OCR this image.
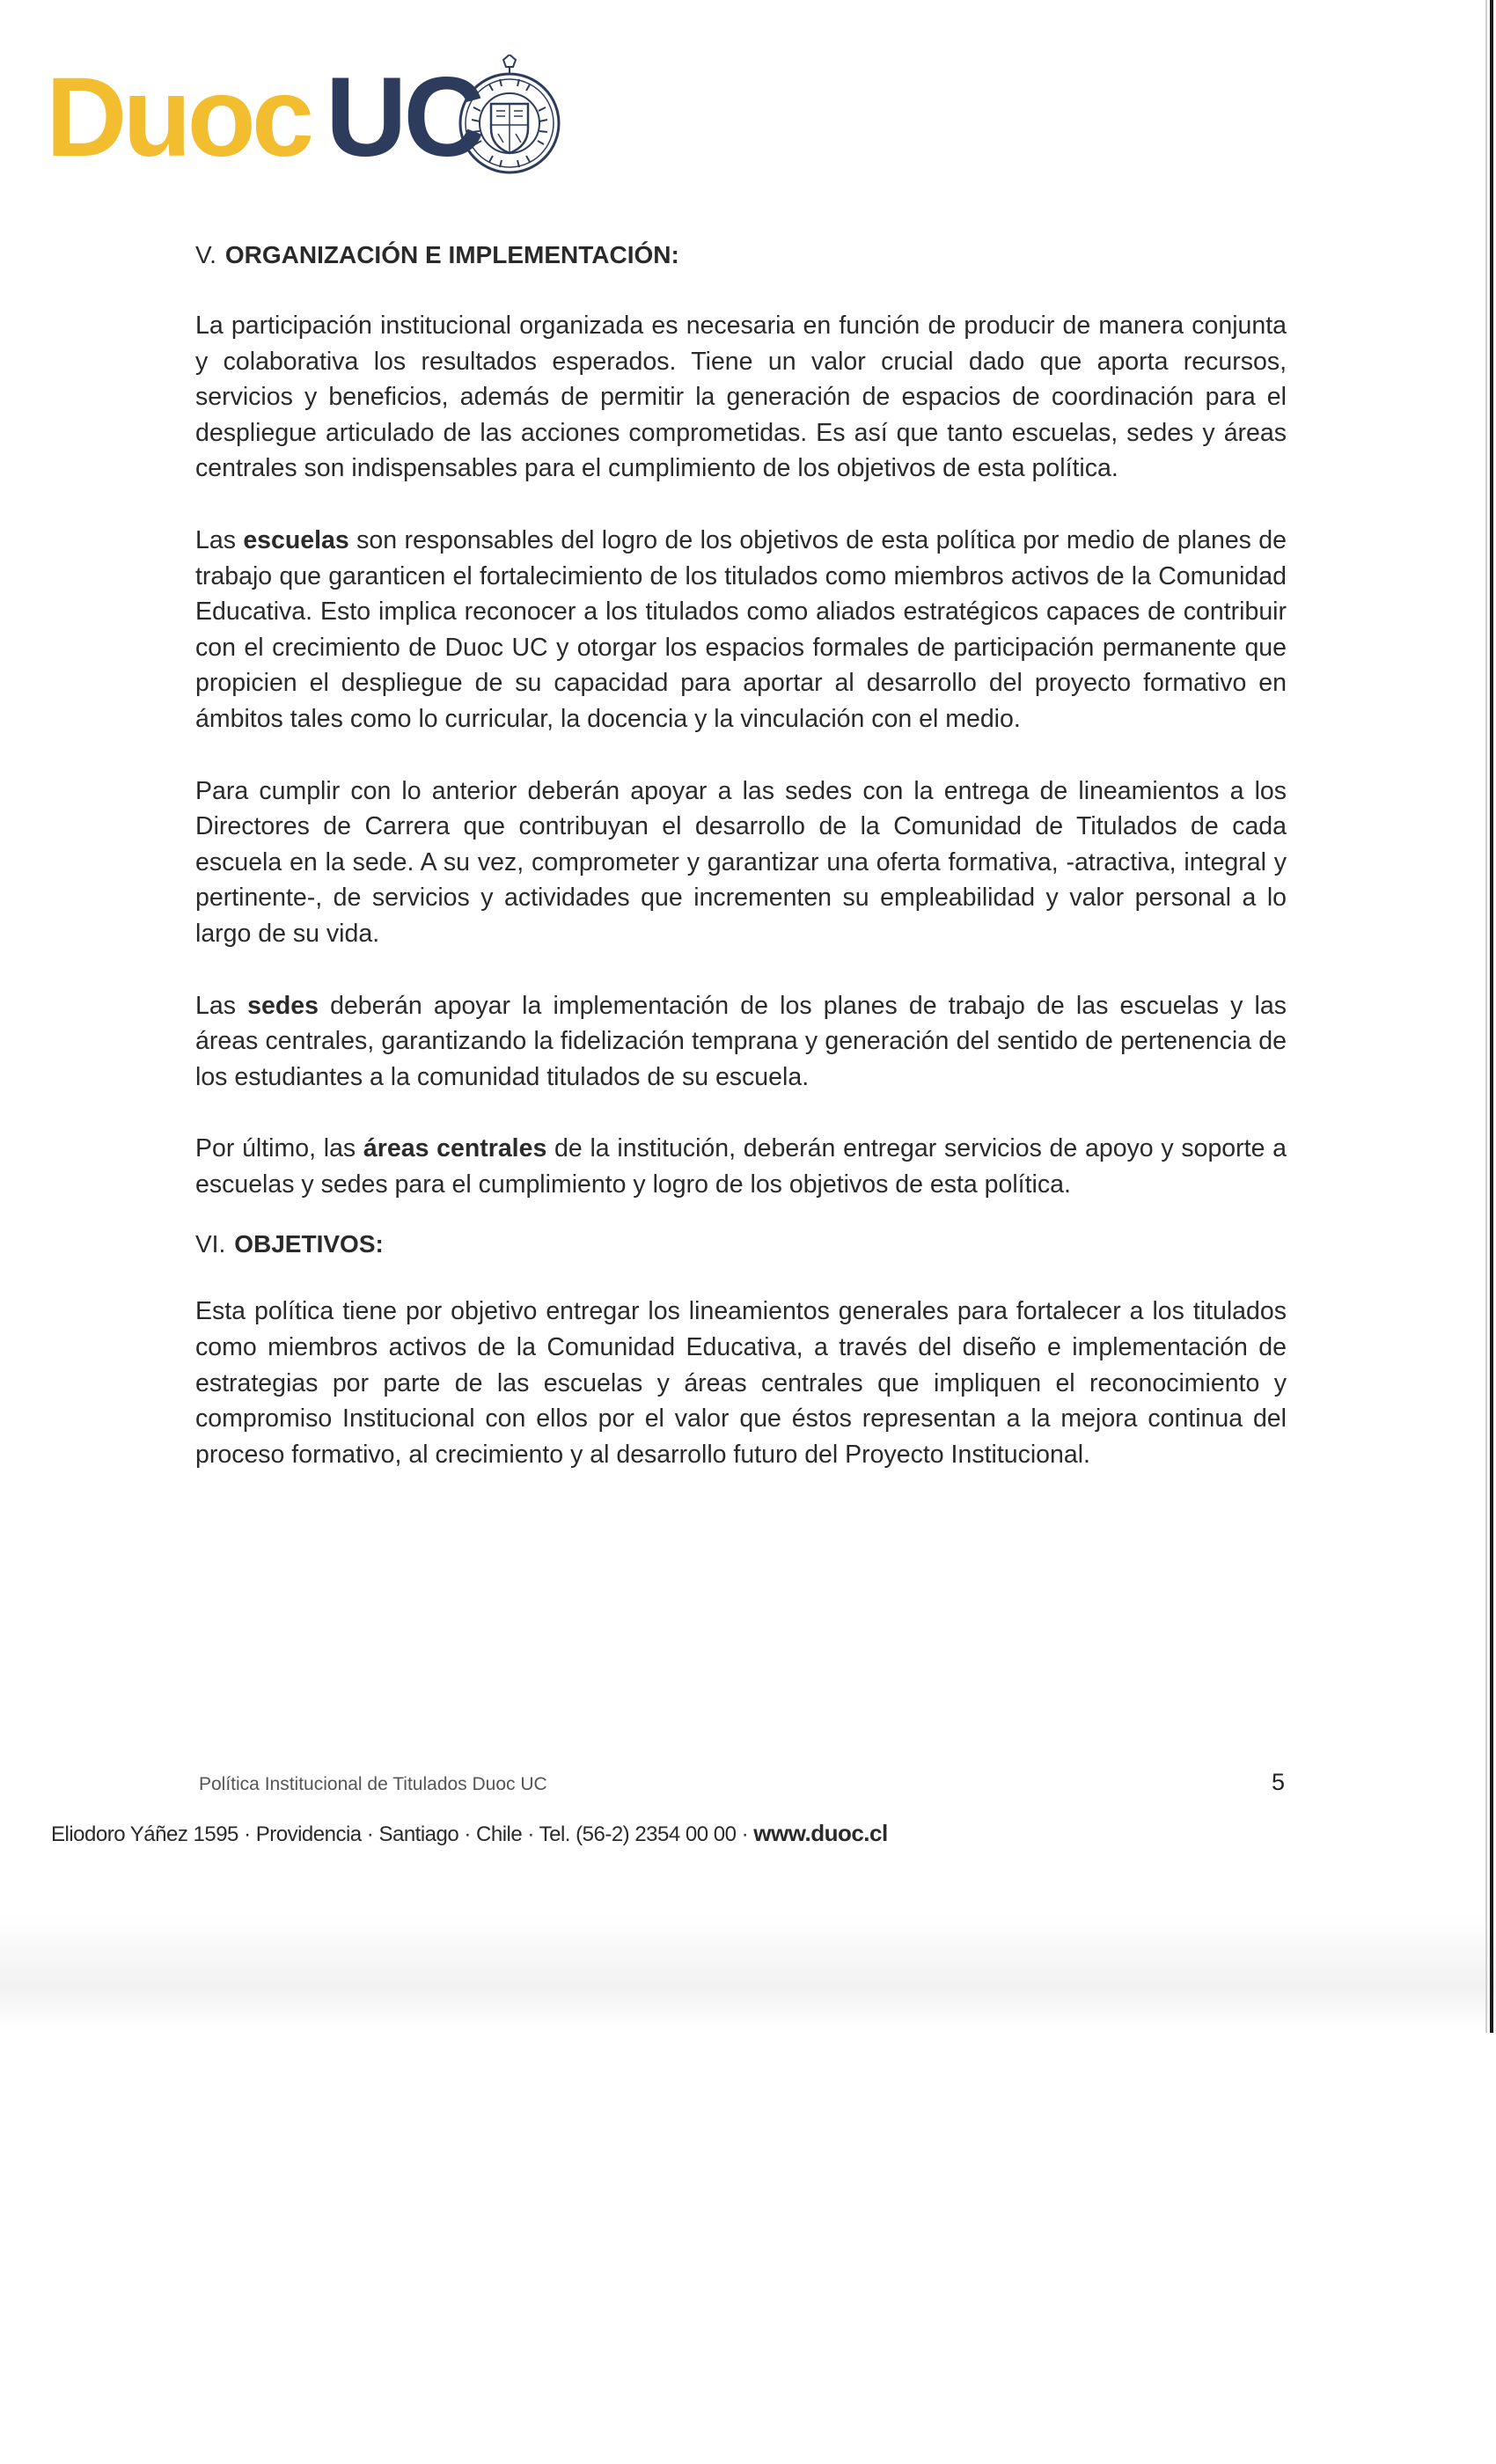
Duoc UC
V. ORGANIZACIÓN E IMPLEMENTACIÓN:

La participación institucional organizada es necesaria en función de producir de manera conjunta y colaborativa los resultados esperados. Tiene un valor crucial dado que aporta recursos, servicios y beneficios, además de permitir la generación de espacios de coordinación para el despliegue articulado de las acciones comprometidas. Es así que tanto escuelas, sedes y áreas centrales son indispensables para el cumplimiento de los objetivos de esta política.

Las escuelas son responsables del logro de los objetivos de esta política por medio de planes de trabajo que garanticen el fortalecimiento de los titulados como miembros activos de la Comunidad Educativa. Esto implica reconocer a los titulados como aliados estratégicos capaces de contribuir con el crecimiento de Duoc UC y otorgar los espacios formales de participación permanente que propicien el despliegue de su capacidad para aportar al desarrollo del proyecto formativo en ámbitos tales como lo curricular, la docencia y la vinculación con el medio.

Para cumplir con lo anterior deberán apoyar a las sedes con la entrega de lineamientos a los Directores de Carrera que contribuyan el desarrollo de la Comunidad de Titulados de cada escuela en la sede. A su vez, comprometer y garantizar una oferta formativa, -atractiva, integral y pertinente-, de servicios y actividades que incrementen su empleabilidad y valor personal a lo largo de su vida.

Las sedes deberán apoyar la implementación de los planes de trabajo de las escuelas y las áreas centrales, garantizando la fidelización temprana y generación del sentido de pertenencia de los estudiantes a la comunidad titulados de su escuela.

Por último, las áreas centrales de la institución, deberán entregar servicios de apoyo y soporte a escuelas y sedes para el cumplimiento y logro de los objetivos de esta política.

VI. OBJETIVOS:

Esta política tiene por objetivo entregar los lineamientos generales para fortalecer a los titulados como miembros activos de la Comunidad Educativa, a través del diseño e implementación de estrategias por parte de las escuelas y áreas centrales que impliquen el reconocimiento y compromiso Institucional con ellos por el valor que éstos representan a la mejora continua del proceso formativo, al crecimiento y al desarrollo futuro del Proyecto Institucional.

Política Institucional de Titulados Duoc UC	5
Eliodoro Yáñez 1595 · Providencia · Santiago · Chile · Tel. (56-2) 2354 00 00 · www.duoc.cl
